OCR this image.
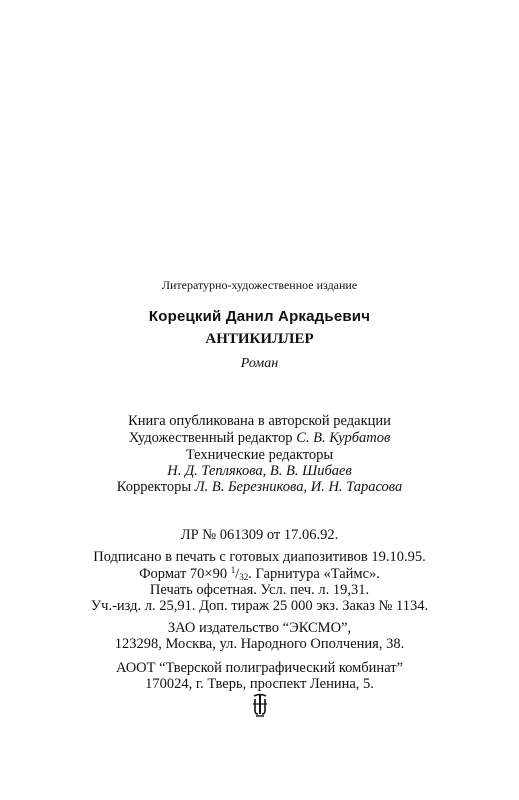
Литературно-художественное издание
Корецкий Данил Аркадьевич
АНТИКИЛЛЕР
Роман
Книга опубликована в авторской редакции
Художественный редактор С. В. Курбатов
Технические редакторы
Н. Д. Теплякова, В. В. Шибаев
Корректоры Л. В. Березникова, И. Н. Тарасова
ЛР № 061309 от 17.06.92.
Подписано в печать с готовых диапозитивов 19.10.95.
Формат 70×90 $^1/_{32}$. Гарнитура «Таймс».
Печать офсетная. Усл. печ. л. 19,31.
Уч.-изд. л. 25,91. Доп. тираж 25 000 экз. Заказ № 1134.
ЗАО издательство “ЭКСМО”,
123298, Москва, ул. Народного Ополчения, 38.
АООТ “Тверской полиграфический комбинат”
170024, г. Тверь, проспект Ленина, 5.
